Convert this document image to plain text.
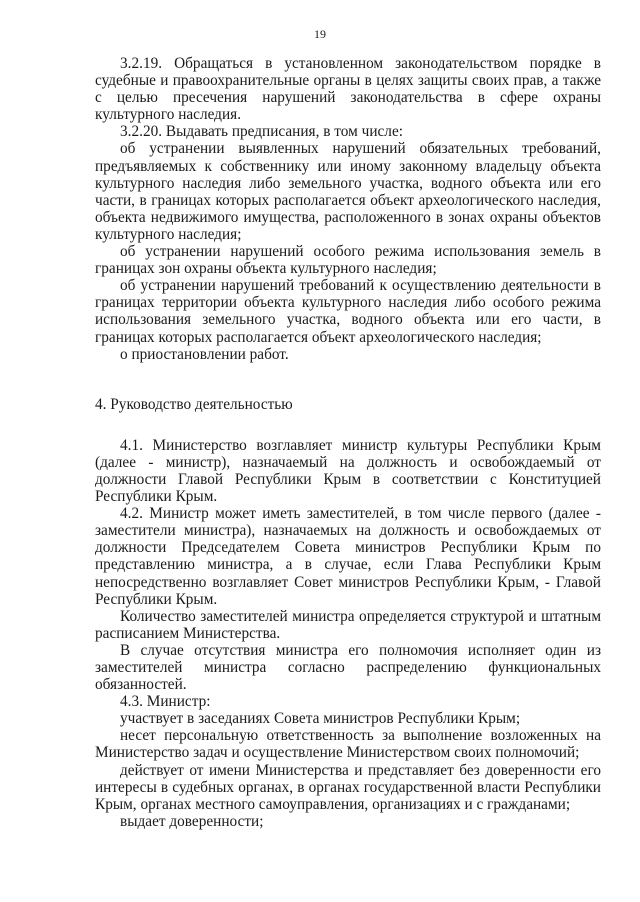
19

3.2.19. Обращаться в установленном законодательством порядке в судебные и правоохранительные органы в целях защиты своих прав, а также с целью пресечения нарушений законодательства в сфере охраны культурного наследия.

3.2.20. Выдавать предписания, в том числе:

об устранении выявленных нарушений обязательных требований, предъявляемых к собственнику или иному законному владельцу объекта культурного наследия либо земельного участка, водного объекта или его части, в границах которых располагается объект археологического наследия, объекта недвижимого имущества, расположенного в зонах охраны объектов культурного наследия;

об устранении нарушений особого режима использования земель в границах зон охраны объекта культурного наследия;

об устранении нарушений требований к осуществлению деятельности в границах территории объекта культурного наследия либо особого режима использования земельного участка, водного объекта или его части, в границах которых располагается объект археологического наследия;

о приостановлении работ.

4. Руководство деятельностью

4.1. Министерство возглавляет министр культуры Республики Крым (далее - министр), назначаемый на должность и освобождаемый от должности Главой Республики Крым в соответствии с Конституцией Республики Крым.

4.2. Министр может иметь заместителей, в том числе первого (далее - заместители министра), назначаемых на должность и освобождаемых от должности Председателем Совета министров Республики Крым по представлению министра, а в случае, если Глава Республики Крым непосредственно возглавляет Совет министров Республики Крым, - Главой Республики Крым.

Количество заместителей министра определяется структурой и штатным расписанием Министерства.

В случае отсутствия министра его полномочия исполняет один из заместителей министра согласно распределению функциональных обязанностей.

4.3. Министр:

участвует в заседаниях Совета министров Республики Крым;

несет персональную ответственность за выполнение возложенных на Министерство задач и осуществление Министерством своих полномочий;

действует от имени Министерства и представляет без доверенности его интересы в судебных органах, в органах государственной власти Республики Крым, органах местного самоуправления, организациях и с гражданами;

выдает доверенности;
